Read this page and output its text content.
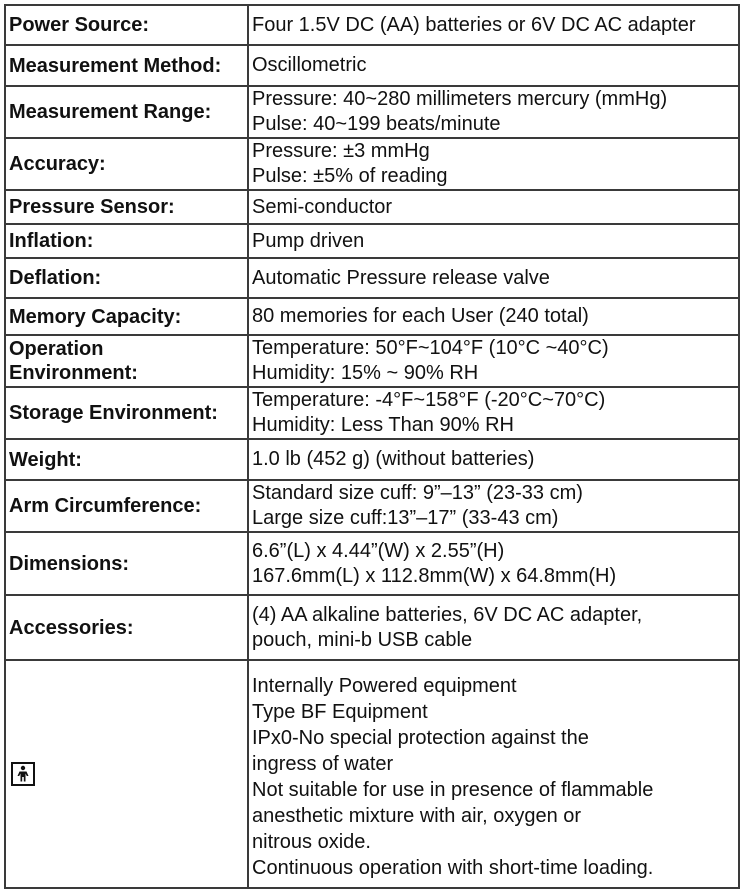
Power Source:	Four 1.5V DC (AA) batteries or 6V DC AC adapter

Measurement Method:	Oscillometric

Measurement Range:	Pressure: 40~280 millimeters mercury (mmHg)
Pulse: 40~199 beats/minute

Accuracy:	Pressure: ±3 mmHg
Pulse: ±5% of reading

Pressure Sensor:	Semi-conductor

Inflation:	Pump driven

Deflation:	Automatic Pressure release valve

Memory Capacity:	80 memories for each User (240 total)

Operation
Environment:	Temperature: 50°F~104°F (10°C ~40°C)
Humidity: 15% ~ 90% RH

Storage Environment:	Temperature: -4°F~158°F (-20°C~70°C)
Humidity: Less Than 90% RH

Weight:	1.0 lb (452 g) (without batteries)

Arm Circumference:	Standard size cuff: 9”–13” (23-33 cm)
Large size cuff:13”–17” (33-43 cm)

Dimensions:	6.6”(L) x 4.44”(W) x 2.55”(H)
167.6mm(L) x 112.8mm(W) x 64.8mm(H)

Accessories:	(4) AA alkaline batteries, 6V DC AC adapter,
pouch, mini-b USB cable

Internally Powered equipment
Type BF Equipment
IPx0-No special protection against the
ingress of water
Not suitable for use in presence of flammable
anesthetic mixture with air, oxygen or
nitrous oxide.
Continuous operation with short-time loading.
